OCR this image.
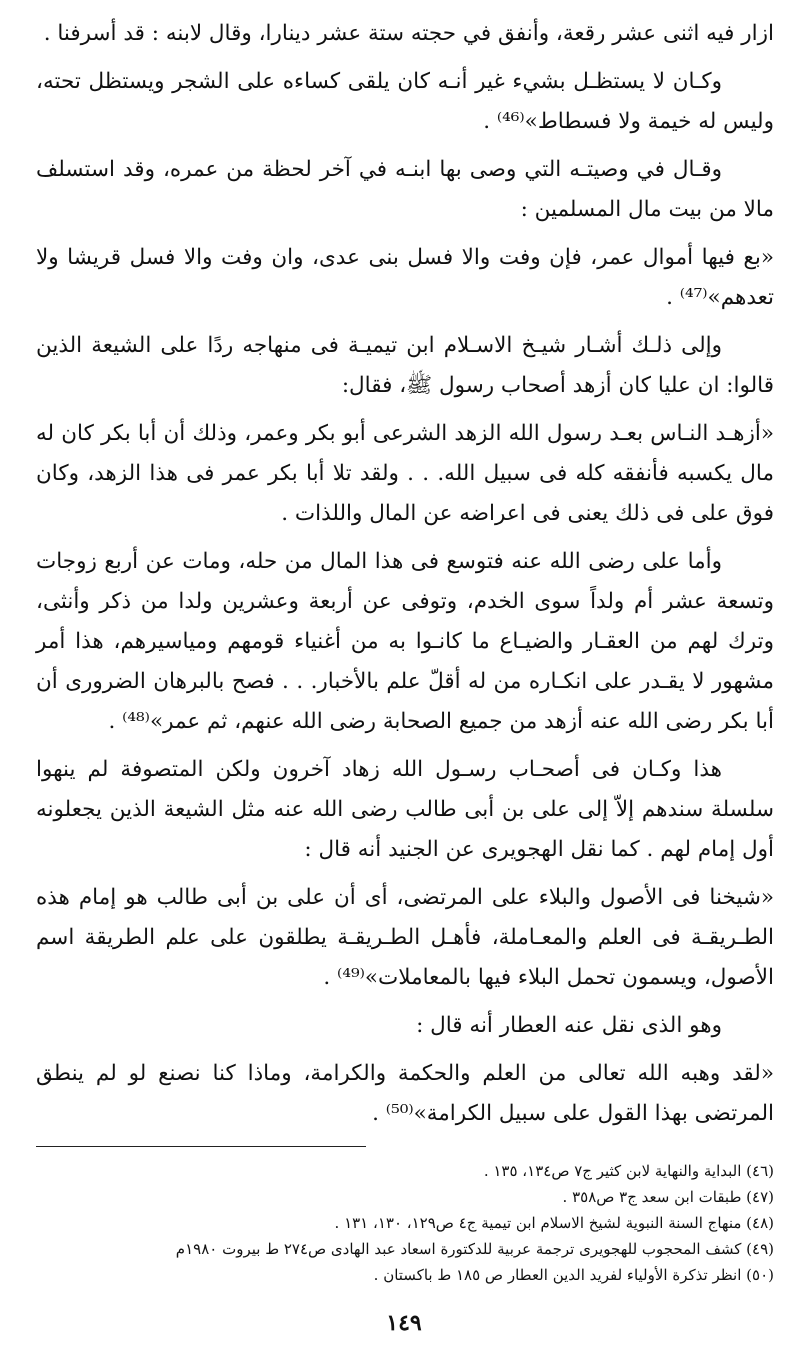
ازار فيه اثنى عشر رقعة، وأنفق في حجته ستة عشر دينارا، وقال لابنه : قد أسرفنا .

وكـان لا يستظـل بشيء غير أنـه كان يلقى كساءه على الشجر ويستظل تحته، وليس له خيمة ولا فسطاط»⁽⁴⁶⁾ .

وقـال في وصيتـه التي وصى بها ابنـه في آخر لحظة من عمره، وقد استسلف مالا من بيت مال المسلمين :

«بع فيها أموال عمر، فإن وفت والا فسل بنى عدى، وان وفت والا فسل قريشا ولا تعدهم»⁽⁴⁷⁾ .

وإلى ذلـك أشـار شيـخ الاسـلام ابن تيميـة فى منهاجه ردًا على الشيعة الذين قالوا: ان عليا كان أزهد أصحاب رسول ﷺ، فقال:

«أزهـد النـاس بعـد رسول الله الزهد الشرعى أبو بكر وعمر، وذلك أن أبا بكر كان له مال يكسبه فأنفقه كله فى سبيل الله. . . ولقد تلا أبا بكر عمر فى هذا الزهد، وكان فوق على فى ذلك يعنى فى اعراضه عن المال واللذات .

وأما على رضى الله عنه فتوسع فى هذا المال من حله، ومات عن أربع زوجات وتسعة عشر أم ولداً سوى الخدم، وتوفى عن أربعة وعشرين ولدا من ذكر وأنثى، وترك لهم من العقـار والضيـاع ما كانـوا به من أغنياء قومهم ومياسيرهم، هذا أمر مشهور لا يقـدر على انكـاره من له أقلّ علم بالأخبار. . . فصح بالبرهان الضرورى أن أبا بكر رضى الله عنه أزهد من جميع الصحابة رضى الله عنهم، ثم عمر»⁽⁴⁸⁾ .

هذا وكـان فى أصحـاب رسـول الله زهاد آخرون ولكن المتصوفة لم ينهوا سلسلة سندهم إلاّ إلى على بن أبى طالب رضى الله عنه مثل الشيعة الذين يجعلونه أول إمام لهم . كما نقل الهجويرى عن الجنيد أنه قال :

«شيخنا فى الأصول والبلاء على المرتضى، أى أن على بن أبى طالب هو إمام هذه الطـريقـة فى العلم والمعـاملة، فأهـل الطـريقـة يطلقون على علم الطريقة اسم الأصول، ويسمون تحمل البلاء فيها بالمعاملات»⁽⁴⁹⁾ .

وهو الذى نقل عنه العطار أنه قال :

«لقد وهبه الله تعالى من العلم والحكمة والكرامة، وماذا كنا نصنع لو لم ينطق المرتضى بهذا القول على سبيل الكرامة»⁽⁵⁰⁾ .

(٤٦) البداية والنهاية لابن كثير ج٧ ص١٣٤، ١٣٥ .

(٤٧) طبقات ابن سعد ج٣ ص٣٥٨ .

(٤٨) منهاج السنة النبوية لشيخ الاسلام ابن تيمية ج٤ ص١٢٩، ١٣٠، ١٣١ .

(٤٩) كشف المحجوب للهجويرى ترجمة عربية للدكتورة اسعاد عبد الهادى ص٢٧٤ ط بيروت ١٩٨٠م

(٥٠) انظر تذكرة الأولياء لفريد الدين العطار ص ١٨٥ ط باكستان .

١٤٩
